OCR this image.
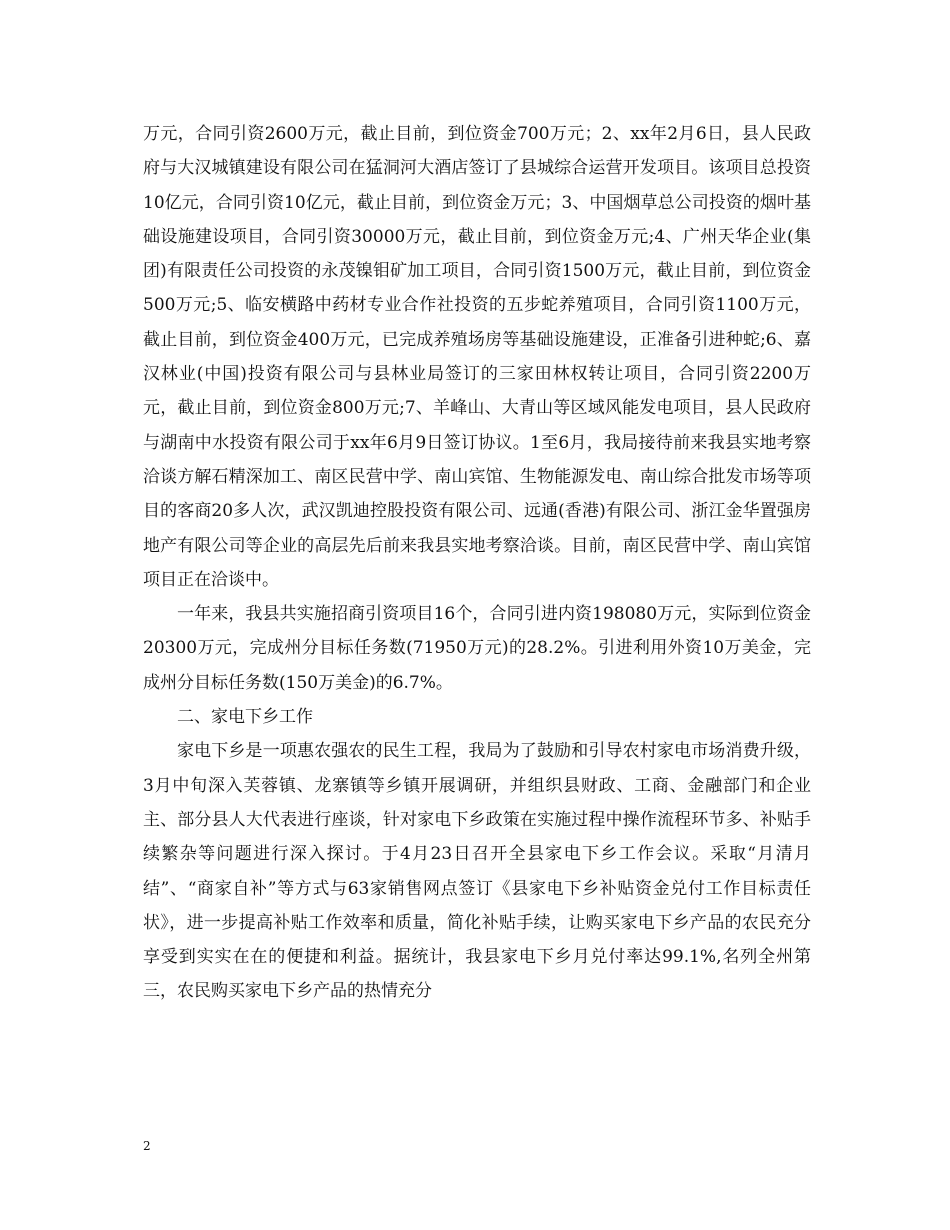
万元，合同引资2600万元，截止目前，到位资金700万元；2、xx年2月6日，县人民政府与大汉城镇建设有限公司在猛洞河大酒店签订了县城综合运营开发项目。该项目总投资10亿元，合同引资10亿元，截止目前，到位资金万元；3、中国烟草总公司投资的烟叶基础设施建设项目，合同引资30000万元，截止目前，到位资金万元;4、广州天华企业(集团)有限责任公司投资的永茂镍钼矿加工项目，合同引资1500万元，截止目前，到位资金500万元;5、临安横路中药材专业合作社投资的五步蛇养殖项目，合同引资1100万元，截止目前，到位资金400万元，已完成养殖场房等基础设施建设，正准备引进种蛇;6、嘉汉林业(中国)投资有限公司与县林业局签订的三家田林权转让项目，合同引资2200万元，截止目前，到位资金800万元;7、羊峰山、大青山等区域风能发电项目，县人民政府与湖南中水投资有限公司于xx年6月9日签订协议。1至6月，我局接待前来我县实地考察洽谈方解石精深加工、南区民营中学、南山宾馆、生物能源发电、南山综合批发市场等项目的客商20多人次，武汉凯迪控股投资有限公司、远通(香港)有限公司、浙江金华置强房地产有限公司等企业的高层先后前来我县实地考察洽谈。目前，南区民营中学、南山宾馆项目正在洽谈中。

一年来，我县共实施招商引资项目16个，合同引进内资198080万元，实际到位资金20300万元，完成州分目标任务数(71950万元)的28.2%。引进利用外资10万美金，完成州分目标任务数(150万美金)的6.7%。

二、家电下乡工作

家电下乡是一项惠农强农的民生工程，我局为了鼓励和引导农村家电市场消费升级，3月中旬深入芙蓉镇、龙寨镇等乡镇开展调研，并组织县财政、工商、金融部门和企业主、部分县人大代表进行座谈，针对家电下乡政策在实施过程中操作流程环节多、补贴手续繁杂等问题进行深入探讨。于4月23日召开全县家电下乡工作会议。采取“月清月结”、“商家自补”等方式与63家销售网点签订《县家电下乡补贴资金兑付工作目标责任状》，进一步提高补贴工作效率和质量，简化补贴手续，让购买家电下乡产品的农民充分享受到实实在在的便捷和利益。据统计，我县家电下乡月兑付率达99.1%,名列全州第三，农民购买家电下乡产品的热情充分

2
